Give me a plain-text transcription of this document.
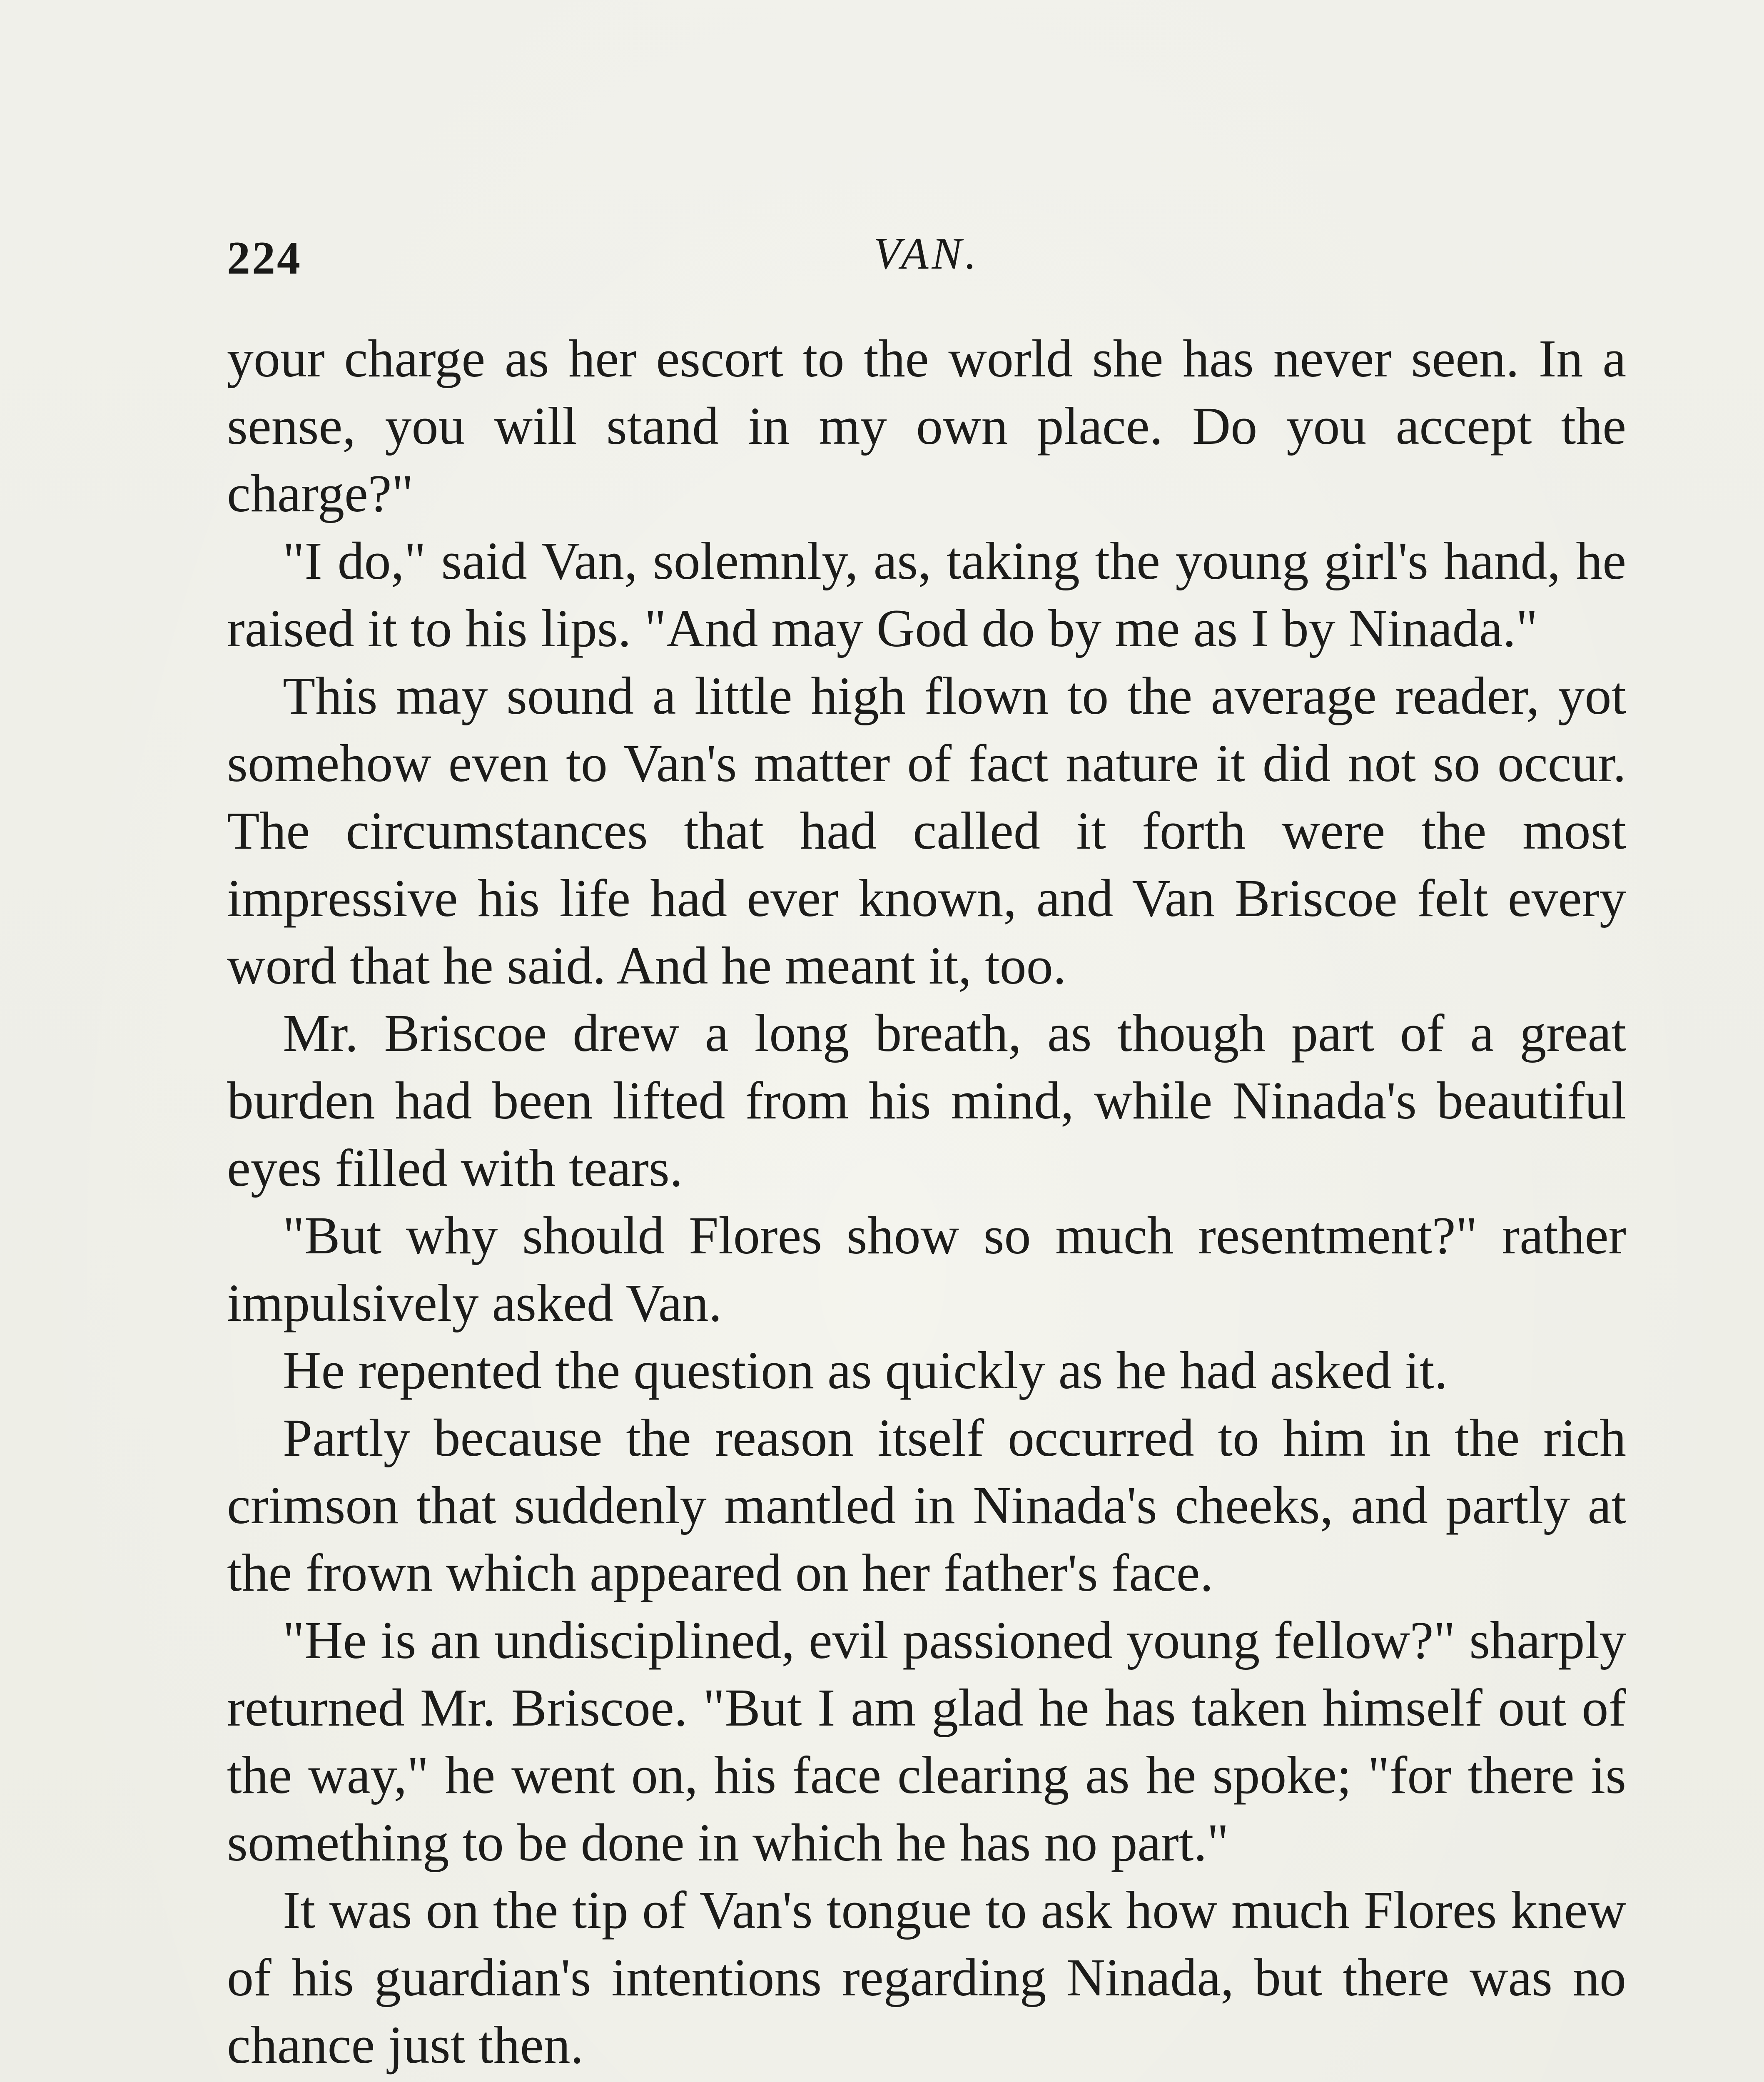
224	VAN.

your charge as her escort to the world she has never seen. In a sense, you will stand in my own place. Do you accept the charge?"

"I do," said Van, solemnly, as, taking the young girl's hand, he raised it to his lips. "And may God do by me as I by Ninada."

This may sound a little high flown to the average reader, yot somehow even to Van's matter of fact nature it did not so occur. The circumstances that had called it forth were the most impressive his life had ever known, and Van Briscoe felt every word that he said. And he meant it, too.

Mr. Briscoe drew a long breath, as though part of a great burden had been lifted from his mind, while Ninada's beautiful eyes filled with tears.

"But why should Flores show so much resentment?" rather impulsively asked Van.

He repented the question as quickly as he had asked it.

Partly because the reason itself occurred to him in the rich crimson that suddenly mantled in Ninada's cheeks, and partly at the frown which appeared on her father's face.

"He is an undisciplined, evil passioned young fellow?" sharply returned Mr. Briscoe. "But I am glad he has taken himself out of the way," he went on, his face clearing as he spoke; "for there is something to be done in which he has no part."

It was on the tip of Van's tongue to ask how much Flores knew of his guardian's intentions regarding Ninada, but there was no chance just then.
